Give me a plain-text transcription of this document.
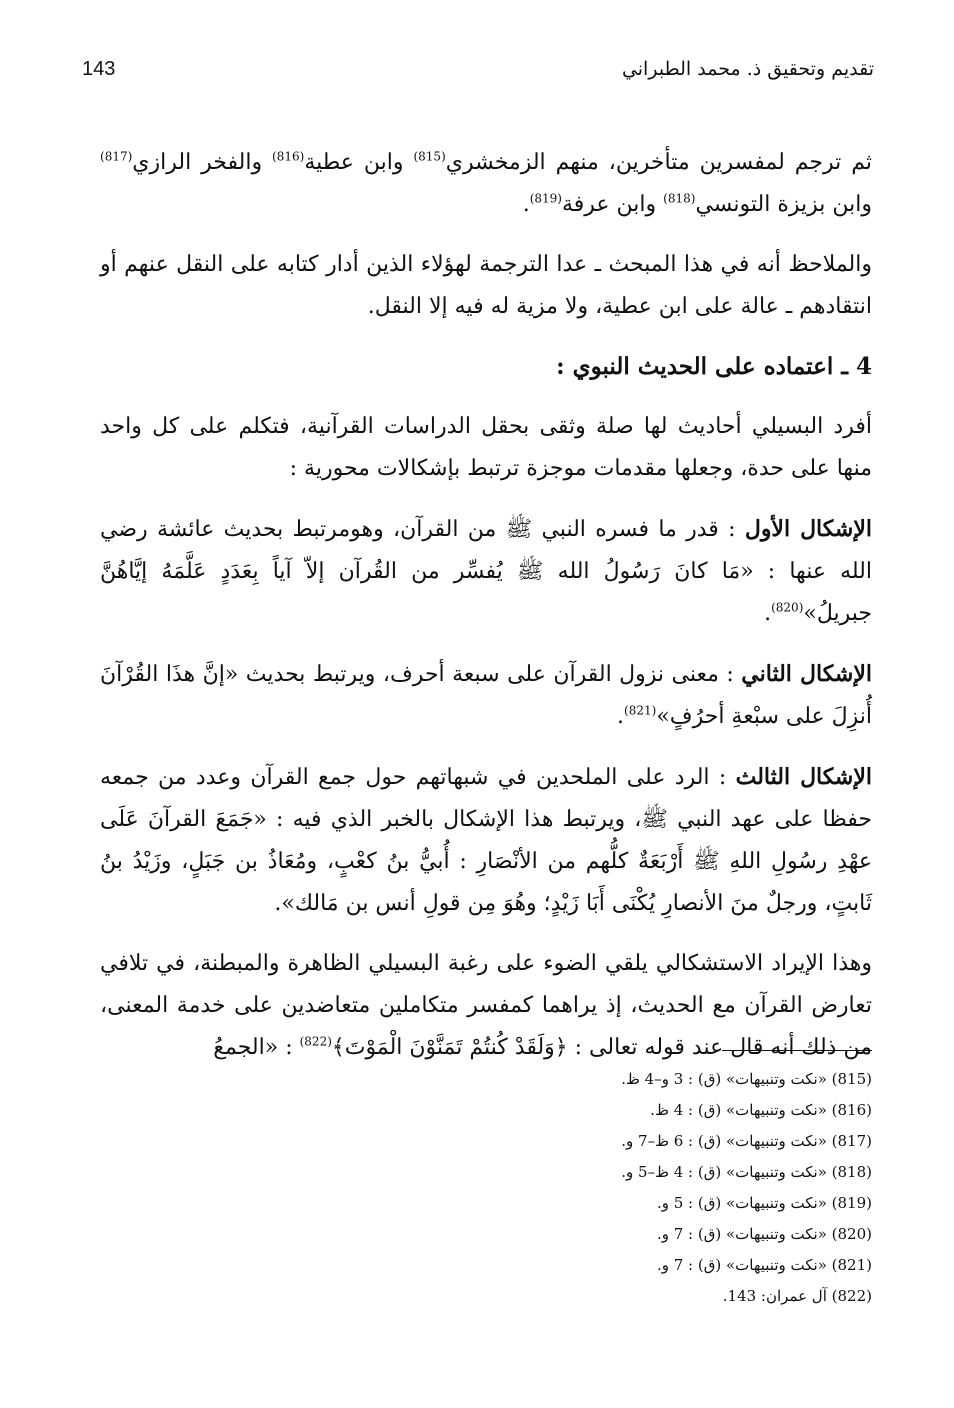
143	تقديم وتحقيق ذ. محمد الطبراني

ثم ترجم لمفسرين متأخرين، منهم الزمخشري$^{(815)}$ وابن عطية$^{(816)}$ والفخر الرازي$^{(817)}$ وابن بزيزة التونسي$^{(818)}$ وابن عرفة$^{(819)}$.

والملاحظ أنه في هذا المبحث ـ عدا الترجمة لهؤلاء الذين أدار كتابه على النقل عنهم أو انتقادهم ـ عالة على ابن عطية، ولا مزية له فيه إلا النقل.

4 ـ اعتماده على الحديث النبوي :

أفرد البسيلي أحاديث لها صلة وثقى بحقل الدراسات القرآنية، فتكلم على كل واحد منها على حدة، وجعلها مقدمات موجزة ترتبط بإشكالات محورية :

الإشكال الأول : قدر ما فسره النبي ﷺ من القرآن، وهومرتبط بحديث عائشة رضي الله عنها : «مَا كانَ رَسُولُ الله ﷺ يُفسِّر من القُرآن إلاّ آياً بِعَدَدٍ عَلَّمَهُ إيَّاهُنَّ جبريلُ»$^{(820)}$.

الإشكال الثاني : معنى نزول القرآن على سبعة أحرف، ويرتبط بحديث «إنَّ هذَا القُرْآنَ أُنزِلَ على سبْعةِ أحرُفٍ»$^{(821)}$.

الإشكال الثالث : الرد على الملحدين في شبهاتهم حول جمع القرآن وعدد من جمعه حفظا على عهد النبي ﷺ، ويرتبط هذا الإشكال بالخبر الذي فيه : «جَمَعَ القرآنَ عَلَى عهْدِ رسُولِ اللهِ ﷺ أَرْبَعَةٌ كلُّهم من الأنْصَارِ : أُبيُّ بنُ كعْبٍ، ومُعَاذُ بن جَبَلٍ، وزَيْدُ بنُ ثَابتٍ، ورجلٌ منَ الأنصارِ يُكْنَى أَبَا زَيْدٍ؛ وهُوَ مِن قولِ أنس بن مَالك».

وهذا الإيراد الاستشكالي يلقي الضوء على رغبة البسيلي الظاهرة والمبطنة، في تلافي تعارض القرآن مع الحديث، إذ يراهما كمفسر متكاملين متعاضدين على خدمة المعنى، من ذلك أنه قال عند قوله تعالى : ﴿وَلَقَدْ كُنتُمْ تَمَنَّوْنَ الْمَوْتَ﴾$^{(822)}$ : «الجمعُ

(815) «نكت وتنبيهات» (ق) : 3 و–4 ظ.
(816) «نكت وتنبيهات» (ق) : 4 ظ.
(817) «نكت وتنبيهات» (ق) : 6 ظ–7 و.
(818) «نكت وتنبيهات» (ق) : 4 ظ–5 و.
(819) «نكت وتنبيهات» (ق) : 5 و.
(820) «نكت وتنبيهات» (ق) : 7 و.
(821) «نكت وتنبيهات» (ق) : 7 و.
(822) آل عمران: 143.
